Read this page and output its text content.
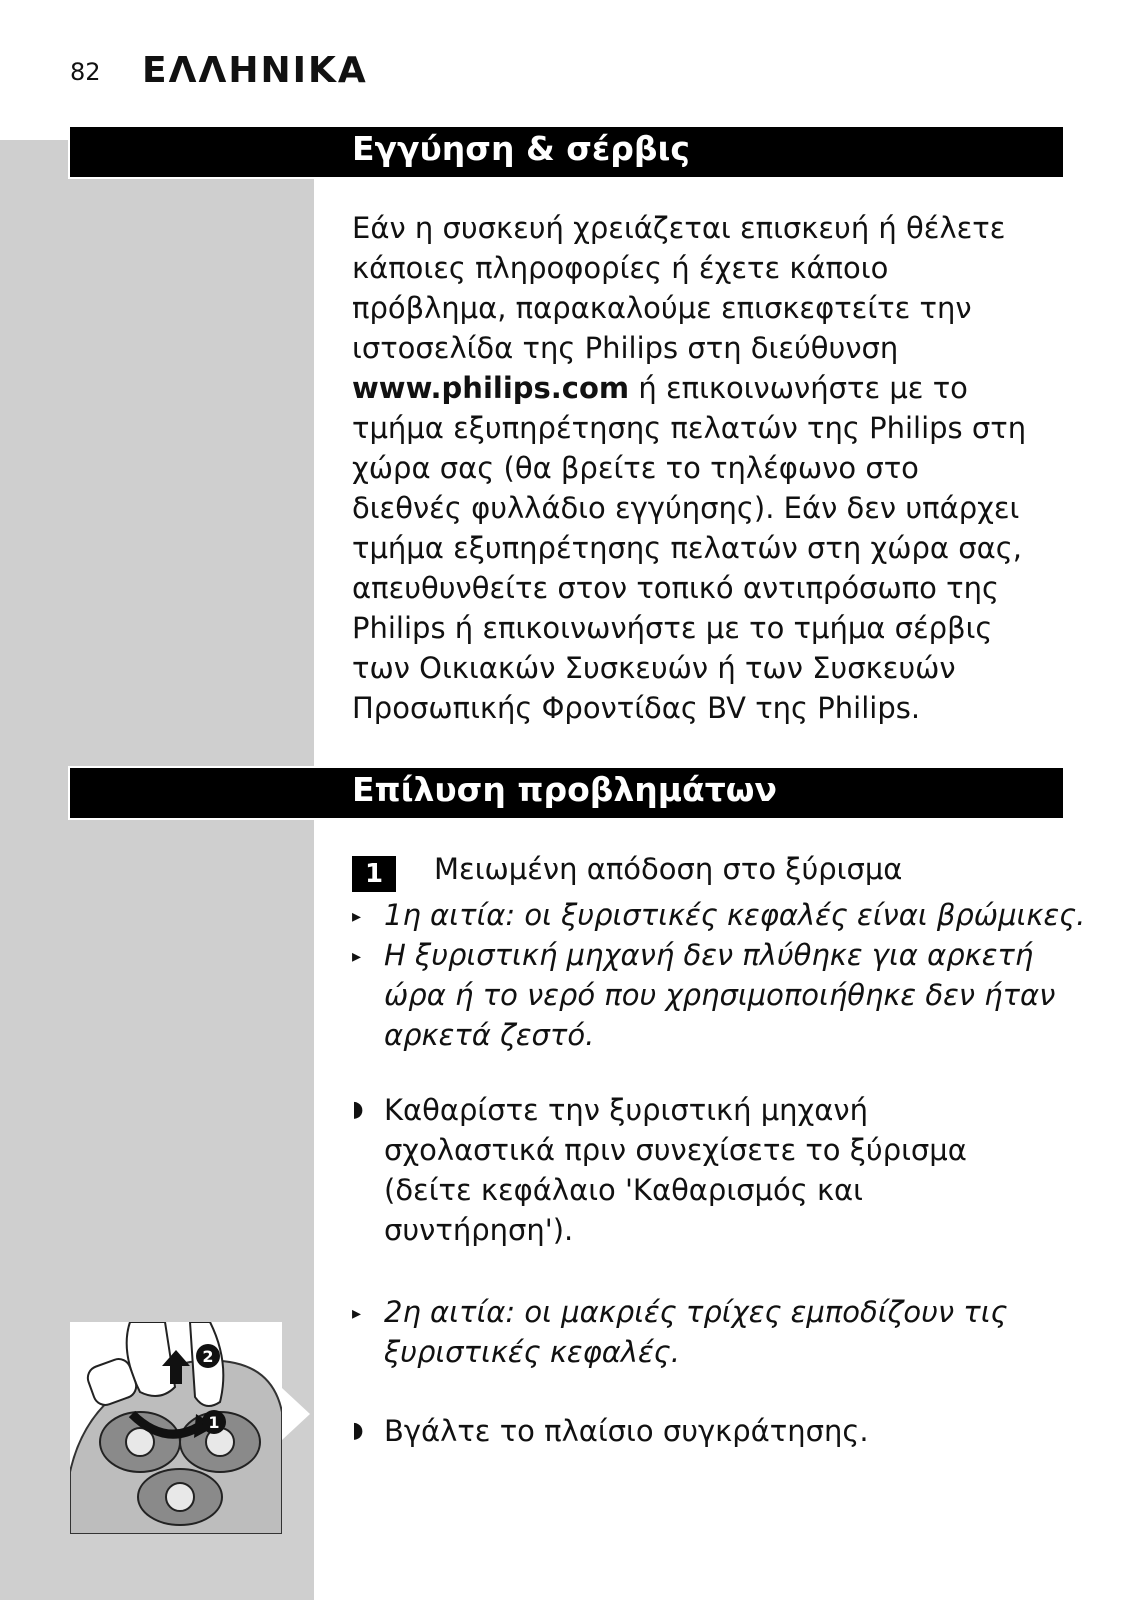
82 ΕΛΛΗΝΙΚΑ
Εγγύηση & σέρβις

Εάν η συσκευή χρειάζεται επισκευή ή θέλετε

κάποιες πληροφορίες ή έχετε κάποιο

πρόβλημα, παρακαλούμε επισκεφτείτε την

ιστοσελίδα της Philips στη διεύθυνση

www.philips.com ή επικοινωνήστε με το

τμήμα εξυπηρέτησης πελατών της Philips στη

χώρα σας (θα βρείτε το τηλέφωνο στο

διεθνές φυλλάδιο εγγύησης). Εάν δεν υπάρχει

τμήμα εξυπηρέτησης πελατών στη χώρα σας,

απευθυνθείτε στον τοπικό αντιπρόσωπο της

Philips ή επικοινωνήστε με το τμήμα σέρβις

των Οικιακών Συσκευών ή των Συσκευών

Προσωπικής Φροντίδας BV της Philips.

Επίλυση προβλημάτων
1	Μειωμένη απόδοση στο ξύρισμα
▸ 1η αιτία: οι ξυριστικές κεφαλές είναι βρώμικες.

▸ Η ξυριστική μηχανή δεν πλύθηκε για αρκετή

ώρα ή το νερό που χρησιμοποιήθηκε δεν ήταν

αρκετά ζεστό.

◗ Καθαρίστε την ξυριστική μηχανή

σχολαστικά πριν συνεχίσετε το ξύρισμα

(δείτε κεφάλαιο 'Καθαρισμός και

συντήρηση').

▸ 2η αιτία: οι μακριές τρίχες εμποδίζουν τις

ξυριστικές κεφαλές.

◗ Βγάλτε το πλαίσιο συγκράτησης.

2
1
